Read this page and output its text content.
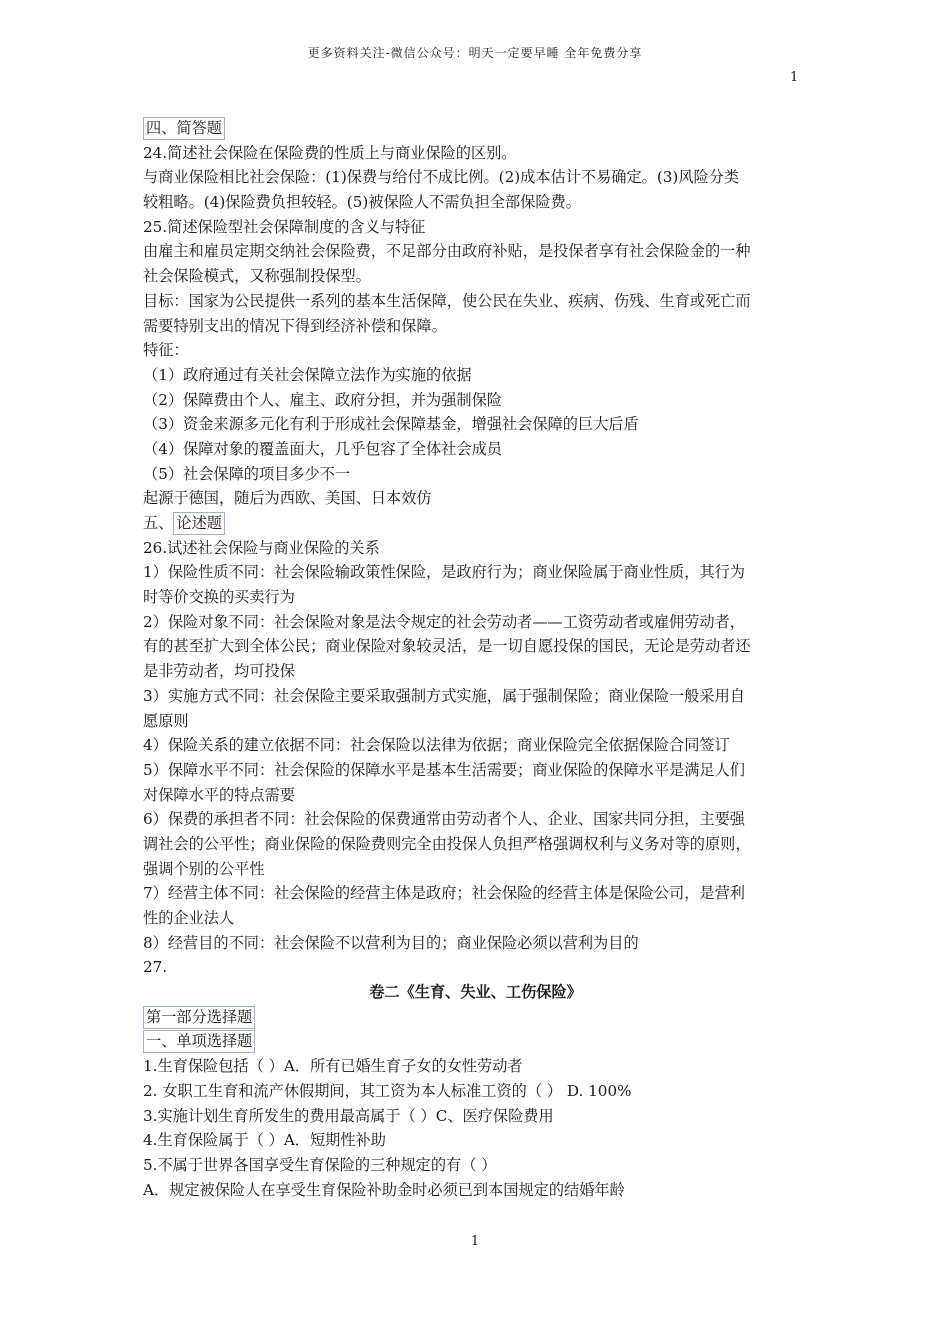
更多资料关注-微信公众号：明天一定要早睡 全年免费分享
1
四、简答题
24.简述社会保险在保险费的性质上与商业保险的区别。
与商业保险相比社会保险：(1)保费与给付不成比例。(2)成本估计不易确定。(3)风险分类
较粗略。(4)保险费负担较轻。(5)被保险人不需负担全部保险费。
25.简述保险型社会保障制度的含义与特征
由雇主和雇员定期交纳社会保险费，不足部分由政府补贴，是投保者享有社会保险金的一种
社会保险模式，又称强制投保型。
目标：国家为公民提供一系列的基本生活保障，使公民在失业、疾病、伤残、生育或死亡而
需要特别支出的情况下得到经济补偿和保障。
特征：
（1）政府通过有关社会保障立法作为实施的依据
（2）保障费由个人、雇主、政府分担，并为强制保险
（3）资金来源多元化有利于形成社会保障基金，增强社会保障的巨大后盾
（4）保障对象的覆盖面大，几乎包容了全体社会成员
（5）社会保障的项目多少不一
起源于德国，随后为西欧、美国、日本效仿
五、 论述题
26.试述社会保险与商业保险的关系
1）保险性质不同：社会保险输政策性保险，是政府行为；商业保险属于商业性质，其行为
时等价交换的买卖行为
2）保险对象不同：社会保险对象是法令规定的社会劳动者——工资劳动者或雇佣劳动者，
有的甚至扩大到全体公民；商业保险对象较灵活，是一切自愿投保的国民，无论是劳动者还
是非劳动者，均可投保
3）实施方式不同：社会保险主要采取强制方式实施，属于强制保险；商业保险一般采用自
愿原则
4）保险关系的建立依据不同：社会保险以法律为依据；商业保险完全依据保险合同签订
5）保障水平不同：社会保险的保障水平是基本生活需要；商业保险的保障水平是满足人们
对保障水平的特点需要
6）保费的承担者不同：社会保险的保费通常由劳动者个人、企业、国家共同分担，主要强
调社会的公平性；商业保险的保险费则完全由投保人负担严格强调权利与义务对等的原则，
强调个别的公平性
7）经营主体不同：社会保险的经营主体是政府；社会保险的经营主体是保险公司，是营利
性的企业法人
8）经营目的不同：社会保险不以营利为目的；商业保险必须以营利为目的
27.
卷二《生育、失业、工伤保险》
第一部分选择题
一、单项选择题
1.生育保险包括（ ）A．所有已婚生育子女的女性劳动者
2. 女职工生育和流产休假期间，其工资为本人标准工资的（ ） D. 100%
3.实施计划生育所发生的费用最高属于（ ）C、医疗保险费用
4.生育保险属于（ ）A．短期性补助
5.不属于世界各国享受生育保险的三种规定的有（ ）
A．规定被保险人在享受生育保险补助金时必须已到本国规定的结婚年龄
1
